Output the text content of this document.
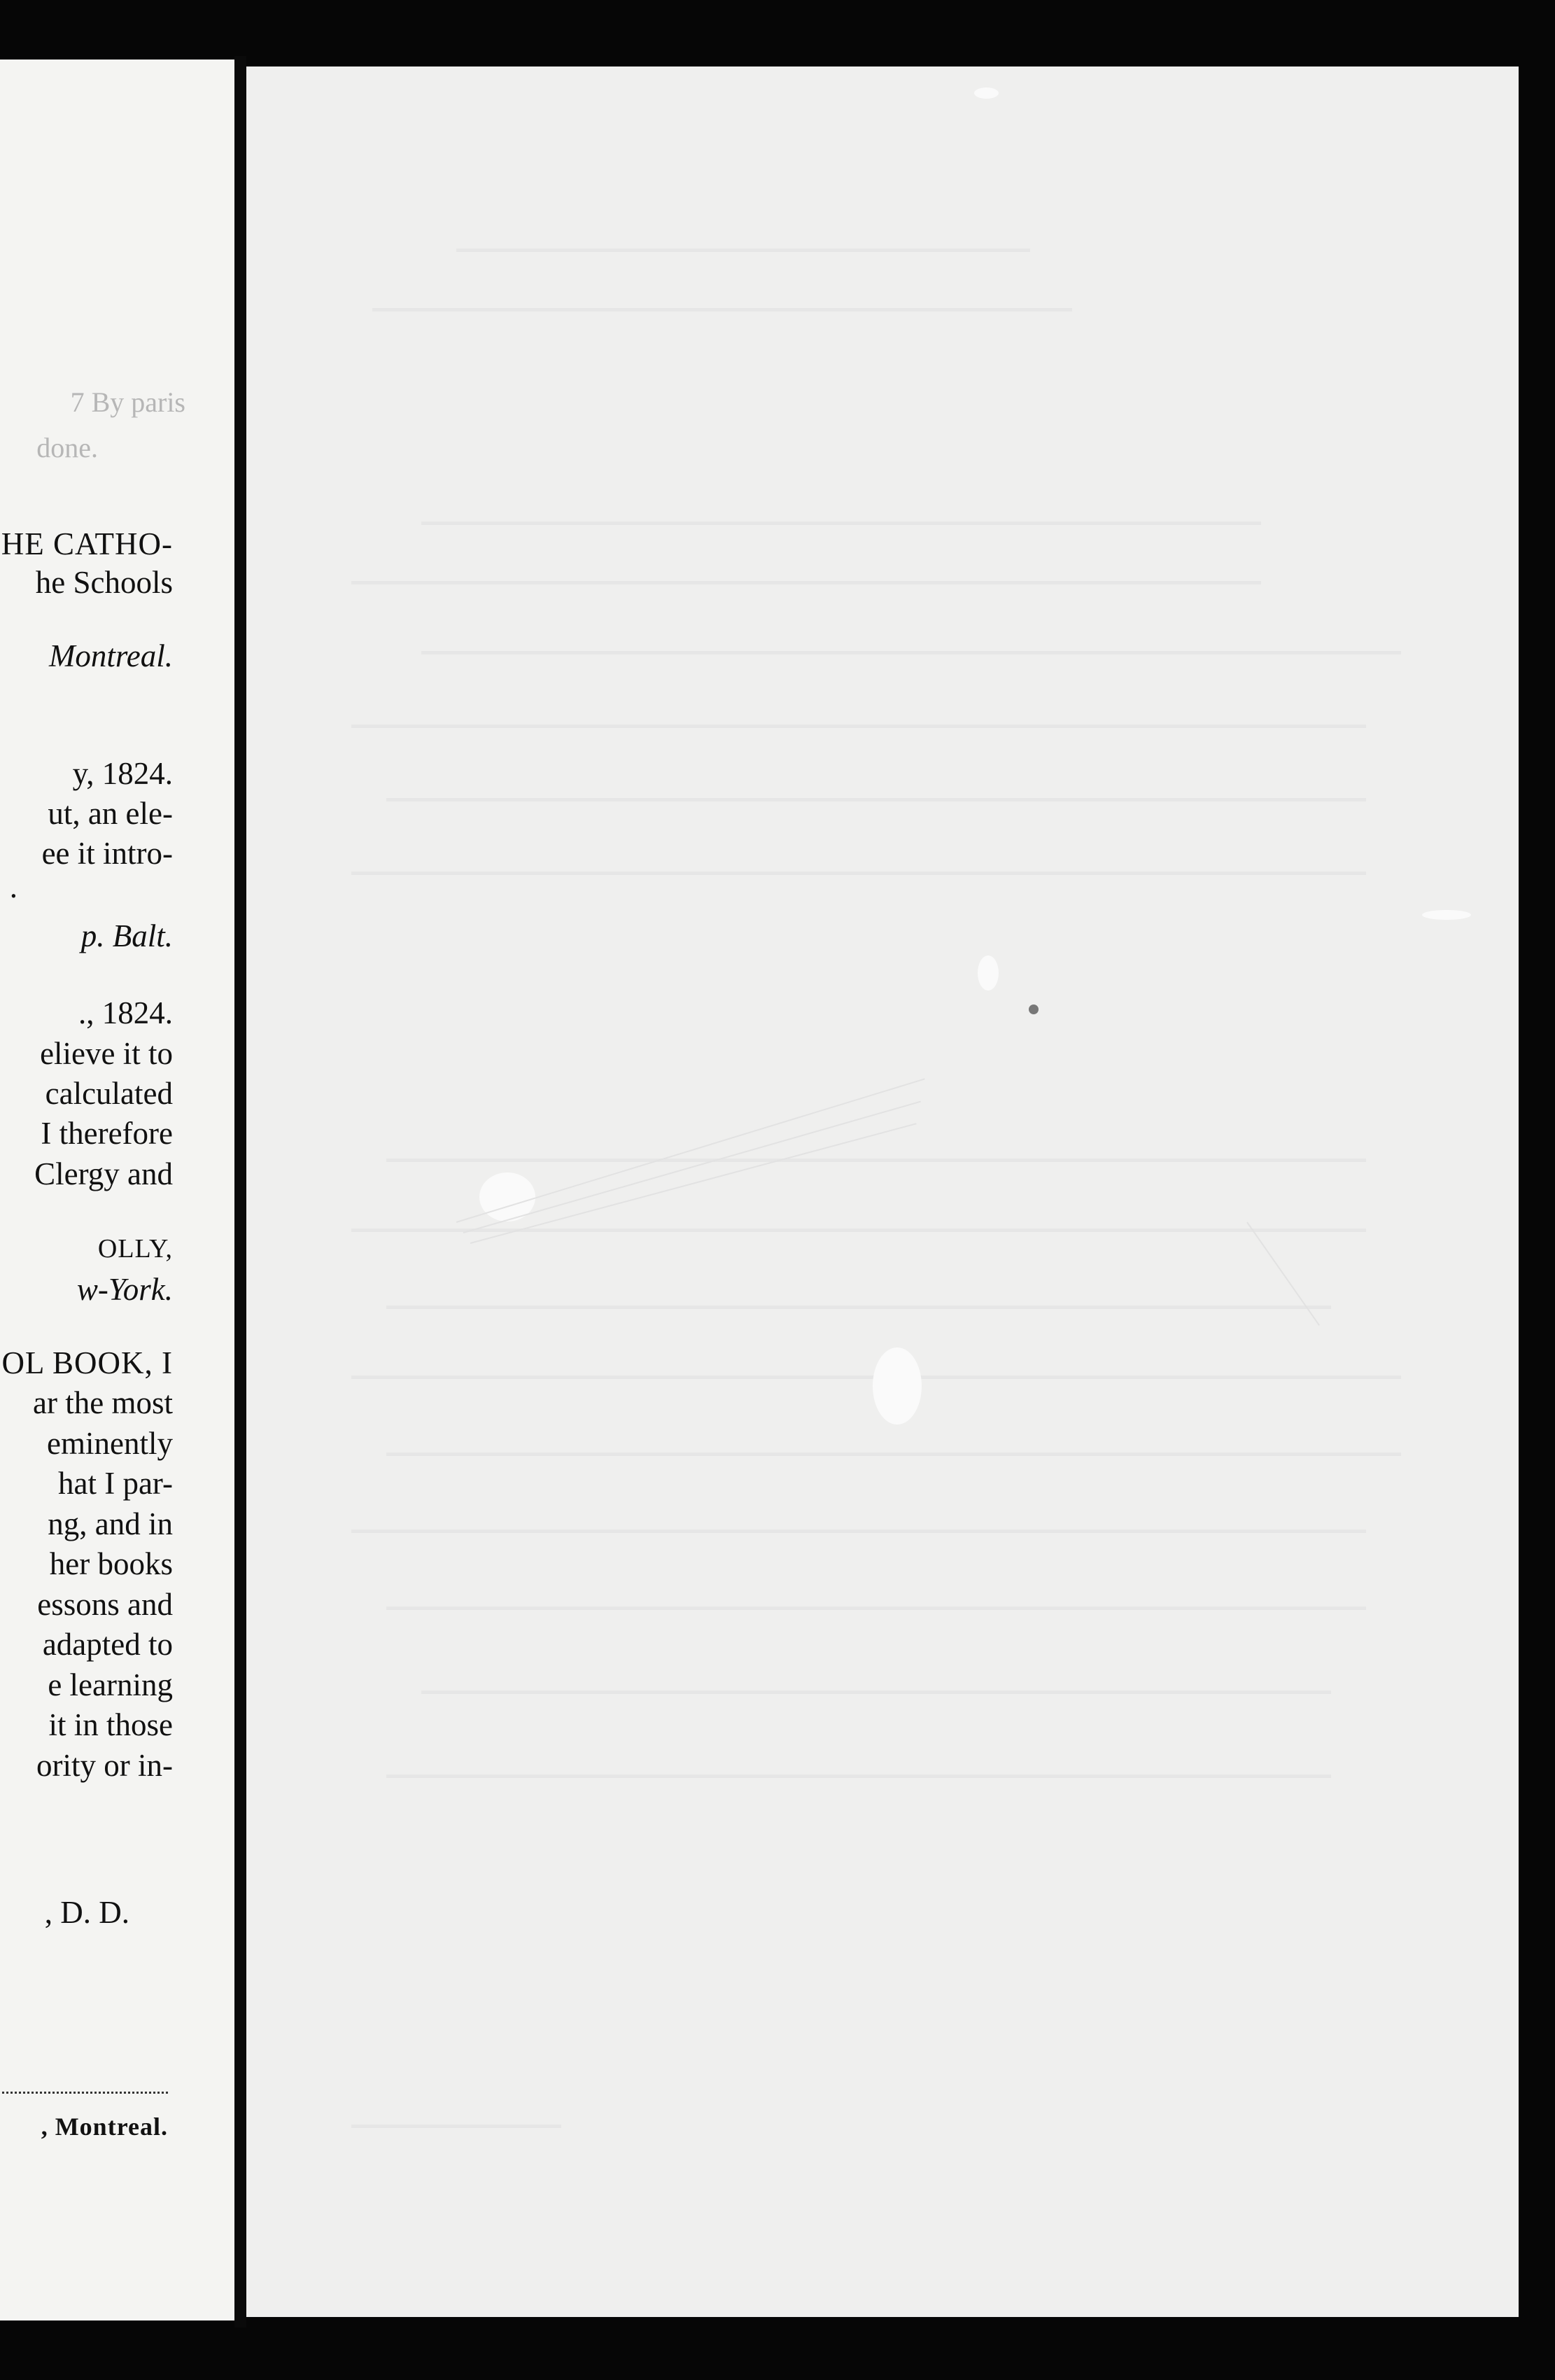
7 By paris
done.
HE CATHO-
he Schools
Montreal.
y, 1824.
ut, an ele-
ee it intro-
.
p. Balt.
., 1824.
elieve it to
calculated
I therefore
Clergy and
OLLY,
w-York.
OL BOOK, I
ar the most
eminently
hat I par-
ng, and in
her books
essons and
adapted to
e learning
it in those
ority or in-
, D. D.
, Montreal.
